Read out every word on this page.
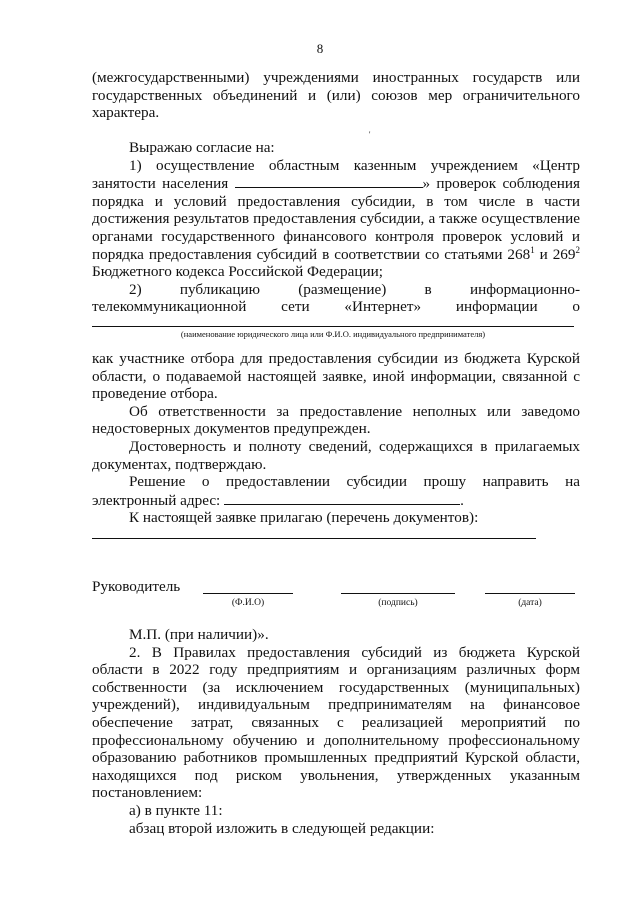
8

(межгосударственными) учреждениями иностранных государств или государственных объединений и (или) союзов мер ограничительного характера.

'

Выражаю согласие на:

1) осуществление областным казенным учреждением «Центр занятости населения	» проверок соблюдения порядка и условий предоставления субсидии, в том числе в части достижения результатов предоставления субсидии, а также осуществление органами государственного финансового контроля проверок условий и порядка предоставления субсидий в соответствии со статьями $268^1$ и $269^2$ Бюджетного кодекса Российской Федерации;

2) публикацию (размещение) в информационно-телекоммуникационной сети «Интернет» информации о

(наименование юридического лица или Ф.И.О. индивидуального предпринимателя)

как участнике отбора для предоставления субсидии из бюджета Курской области, о подаваемой настоящей заявке, иной информации, связанной с проведение отбора.

Об ответственности за предоставление неполных или заведомо недостоверных документов предупрежден.

Достоверность и полноту сведений, содержащихся в прилагаемых документах, подтверждаю.

Решение о предоставлении субсидии прошу направить на

электронный адрес:	.

К настоящей заявке прилагаю (перечень документов):

Руководитель
(Ф.И.О)	(подпись)	(дата)

М.П. (при наличии)».

2. В Правилах предоставления субсидий из бюджета Курской области в 2022 году предприятиям и организациям различных форм собственности (за исключением государственных (муниципальных) учреждений), индивидуальным предпринимателям на финансовое обеспечение затрат, связанных с реализацией мероприятий по профессиональному обучению и дополнительному профессиональному образованию работников промышленных предприятий Курской области, находящихся под риском увольнения, утвержденных указанным постановлением:

а) в пункте 11:

абзац второй изложить в следующей редакции:
